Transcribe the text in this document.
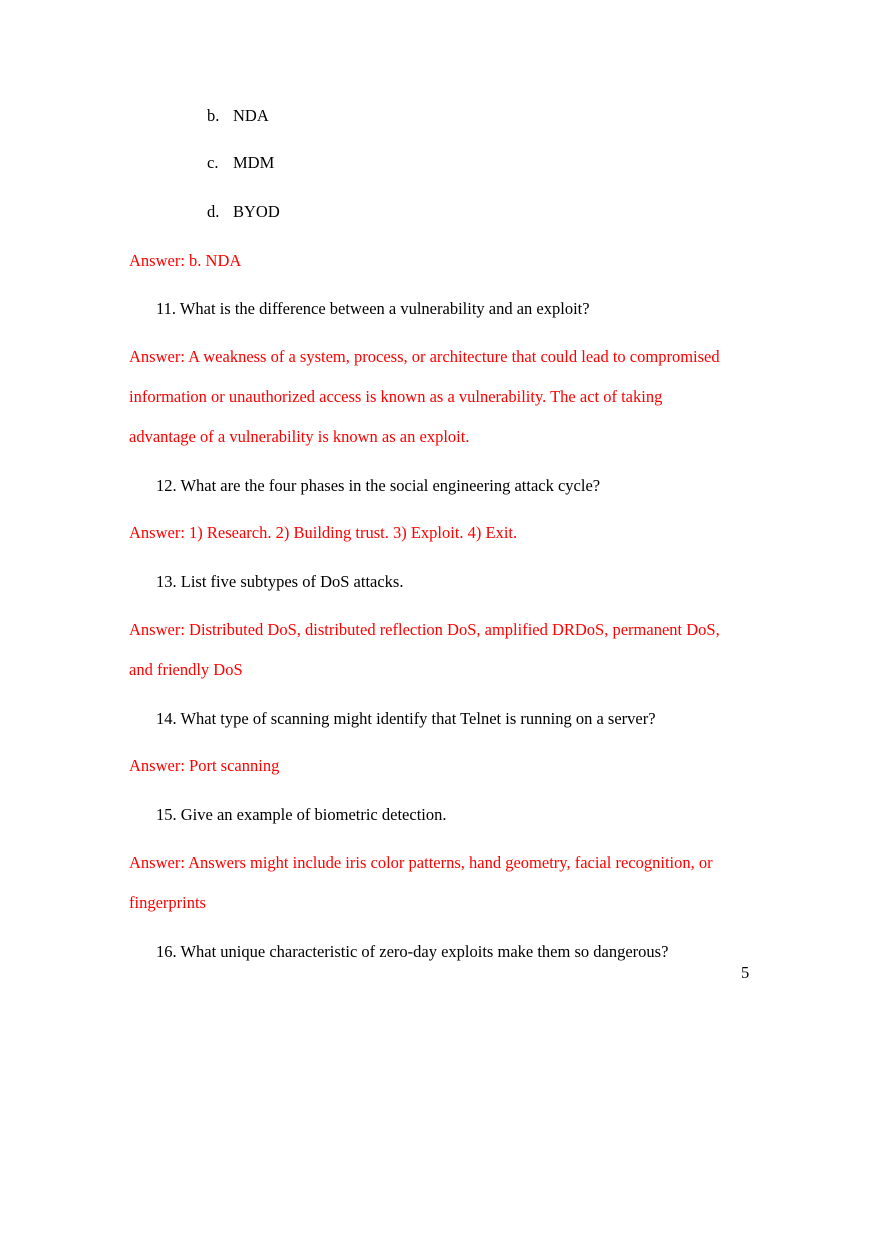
b. NDA
c. MDM
d. BYOD
Answer: b. NDA
11. What is the difference between a vulnerability and an exploit?
Answer: A weakness of a system, process, or architecture that could lead to compromised
information or unauthorized access is known as a vulnerability. The act of taking
advantage of a vulnerability is known as an exploit.
12. What are the four phases in the social engineering attack cycle?
Answer: 1) Research. 2) Building trust. 3) Exploit. 4) Exit.
13. List five subtypes of DoS attacks.
Answer: Distributed DoS, distributed reflection DoS, amplified DRDoS, permanent DoS,
and friendly DoS
14. What type of scanning might identify that Telnet is running on a server?
Answer: Port scanning
15. Give an example of biometric detection.
Answer: Answers might include iris color patterns, hand geometry, facial recognition, or
fingerprints
16. What unique characteristic of zero-day exploits make them so dangerous?
5
